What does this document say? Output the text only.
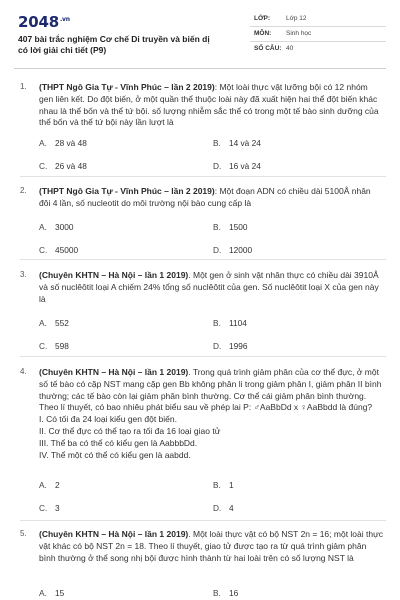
$2048^{.vn}$
407 bài trắc nghiệm Cơ chế Di truyền và biến dị có lời giải chi tiết (P9)
LỚP: Lớp 12
MÔN: Sinh học
SỐ CÂU: 40
1. (THPT Ngô Gia Tự - Vĩnh Phúc – lần 2 2019): Một loài thực vật lưỡng bội có 12 nhóm gen liên kết. Do đột biến, ở một quần thể thuộc loài này đã xuất hiện hai thể đột biến khác nhau là thể bốn và thể tứ bội. số lượng nhiễm sắc thể có trong một tế bào sinh dưỡng của thể bốn và thể tứ bội này lần lượt là
A. 28 và 48	B. 14 và 24
C. 26 và 48	D. 16 và 24
2. (THPT Ngô Gia Tự - Vĩnh Phúc – lần 2 2019): Một đoạn ADN có chiều dài 5100Å nhân đôi 4 lần, số nucleotit do môi trường nội bào cung cấp là
A. 3000	B. 1500
C. 45000	D. 12000
3. (Chuyên KHTN – Hà Nội – lần 1 2019). Một gen ở sinh vật nhân thực có chiều dài 3910Å và số nuclêôtit loại A chiếm 24% tổng số nuclêôtit của gen. Số nuclêôtit loại X của gen này là
A. 552	B. 1104
C. 598	D. 1996
4. (Chuyên KHTN – Hà Nội – lần 1 2019). Trong quá trình giảm phân của cơ thể đực, ở một số tế bào có cặp NST mang cặp gen Bb không phân li trong giảm phân I, giảm phân II bình thường; các tế bào còn lại giảm phân bình thường. Cơ thể cái giảm phân bình thường. Theo lí thuyết, có bao nhiêu phát biểu sau về phép lai P: ♂AaBbDd x ♀AaBbdd là đúng?

I. Có tối đa 24 loại kiểu gen đột biến.

II. Cơ thể đực có thể tạo ra tối đa 16 loại giao tử

III. Thể ba có thể có kiểu gen là AabbbDd.

IV. Thể một có thể có kiểu gen là aabdd.

A. 2	B. 1
C. 3	D. 4
5. (Chuyên KHTN – Hà Nội – lần 1 2019). Một loài thực vật có bộ NST 2n = 16; một loài thực vật khác có bộ NST 2n = 18. Theo lí thuyết, giao tử được tạo ra từ quá trình giảm phân bình thường ở thể song nhị bội được hình thành từ hai loài trên có số lượng NST là
A. 15	B. 16
